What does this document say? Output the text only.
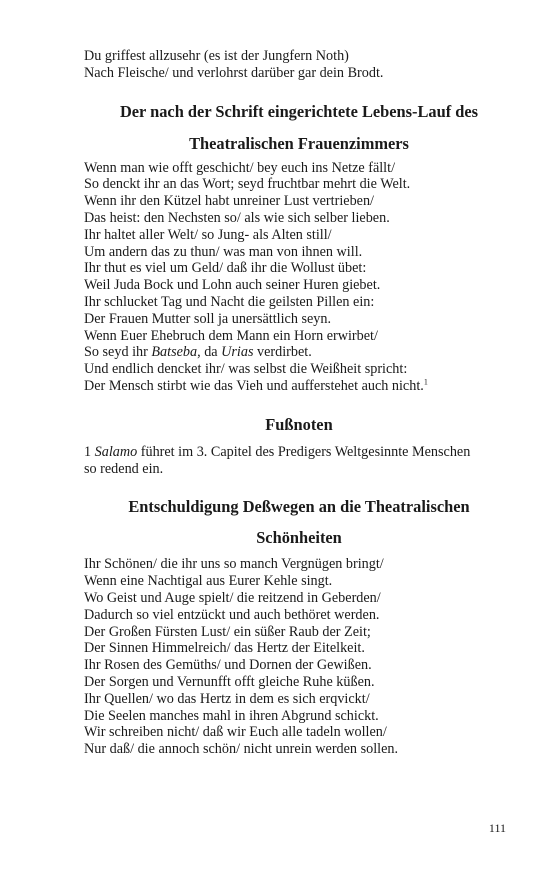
Du griffest allzusehr (es ist der Jungfern Noth)

Nach Fleische/ und verlohrst darüber gar dein Brodt.

Der nach der Schrift eingerichtete Lebens-Lauf des
Theatralischen Frauenzimmers

Wenn man wie offt geschicht/ bey euch ins Netze fällt/

So denckt ihr an das Wort; seyd fruchtbar mehrt die Welt.

Wenn ihr den Kützel habt unreiner Lust vertrieben/

Das heist: den Nechsten so/ als wie sich selber lieben.

Ihr haltet aller Welt/ so Jung- als Alten still/

Um andern das zu thun/ was man von ihnen will.

Ihr thut es viel um Geld/ daß ihr die Wollust übet:

Weil Juda Bock und Lohn auch seiner Huren giebet.

Ihr schlucket Tag und Nacht die geilsten Pillen ein:

Der Frauen Mutter soll ja unersättlich seyn.

Wenn Euer Ehebruch dem Mann ein Horn erwirbet/

So seyd ihr Batseba, da Urias verdirbet.

Und endlich dencket ihr/ was selbst die Weißheit spricht:

Der Mensch stirbt wie das Vieh und aufferstehet auch nicht.$^1$

Fußnoten

1 Salamo führet im 3. Capitel des Predigers Weltgesinnte Menschen

so redend ein.

Entschuldigung Deßwegen an die Theatralischen
Schönheiten

Ihr Schönen/ die ihr uns so manch Vergnügen bringt/

Wenn eine Nachtigal aus Eurer Kehle singt.

Wo Geist und Auge spielt/ die reitzend in Geberden/

Dadurch so viel entzückt und auch bethöret werden.

Der Großen Fürsten Lust/ ein süßer Raub der Zeit;

Der Sinnen Himmelreich/ das Hertz der Eitelkeit.

Ihr Rosen des Gemüths/ und Dornen der Gewißen.

Der Sorgen und Vernunfft offt gleiche Ruhe küßen.

Ihr Quellen/ wo das Hertz in dem es sich erqvickt/

Die Seelen manches mahl in ihren Abgrund schickt.

Wir schreiben nicht/ daß wir Euch alle tadeln wollen/

Nur daß/ die annoch schön/ nicht unrein werden sollen.

111
